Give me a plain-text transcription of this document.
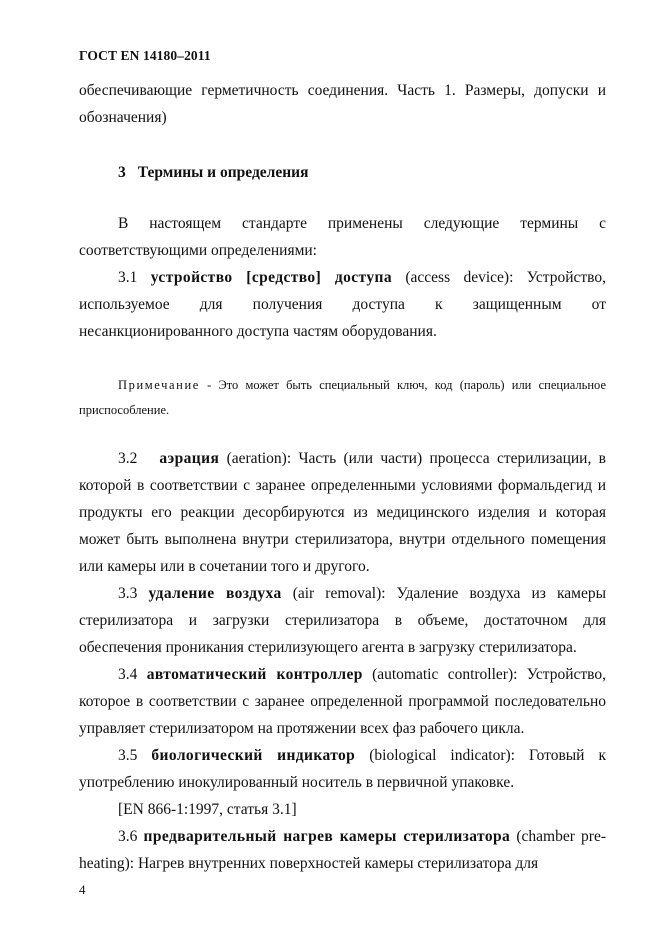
ГОСТ EN 14180–2011

обеспечивающие герметичность соединения. Часть 1. Размеры, допуски и обозначения)

3 Термины и определения

В настоящем стандарте применены следующие термины с соответствующими определениями:

3.1 устройство [средство] доступа (access device): Устройство, используемое для получения доступа к защищенным от несанкционированного доступа частям оборудования.

Примечание - Это может быть специальный ключ, код (пароль) или специальное приспособление.

3.2 аэрация (aeration): Часть (или части) процесса стерилизации, в которой в соответствии с заранее определенными условиями формальдегид и продукты его реакции десорбируются из медицинского изделия и которая может быть выполнена внутри стерилизатора, внутри отдельного помещения или камеры или в сочетании того и другого.

3.3 удаление воздуха (air removal): Удаление воздуха из камеры стерилизатора и загрузки стерилизатора в объеме, достаточном для обеспечения проникания стерилизующего агента в загрузку стерилизатора.

3.4 автоматический контроллер (automatic controller): Устройство, которое в соответствии с заранее определенной программой последовательно управляет стерилизатором на протяжении всех фаз рабочего цикла.

3.5 биологический индикатор (biological indicator): Готовый к употреблению инокулированный носитель в первичной упаковке.

[EN 866-1:1997, статья 3.1]

3.6 предварительный нагрев камеры стерилизатора (chamber pre-heating): Нагрев внутренних поверхностей камеры стерилизатора для

4
